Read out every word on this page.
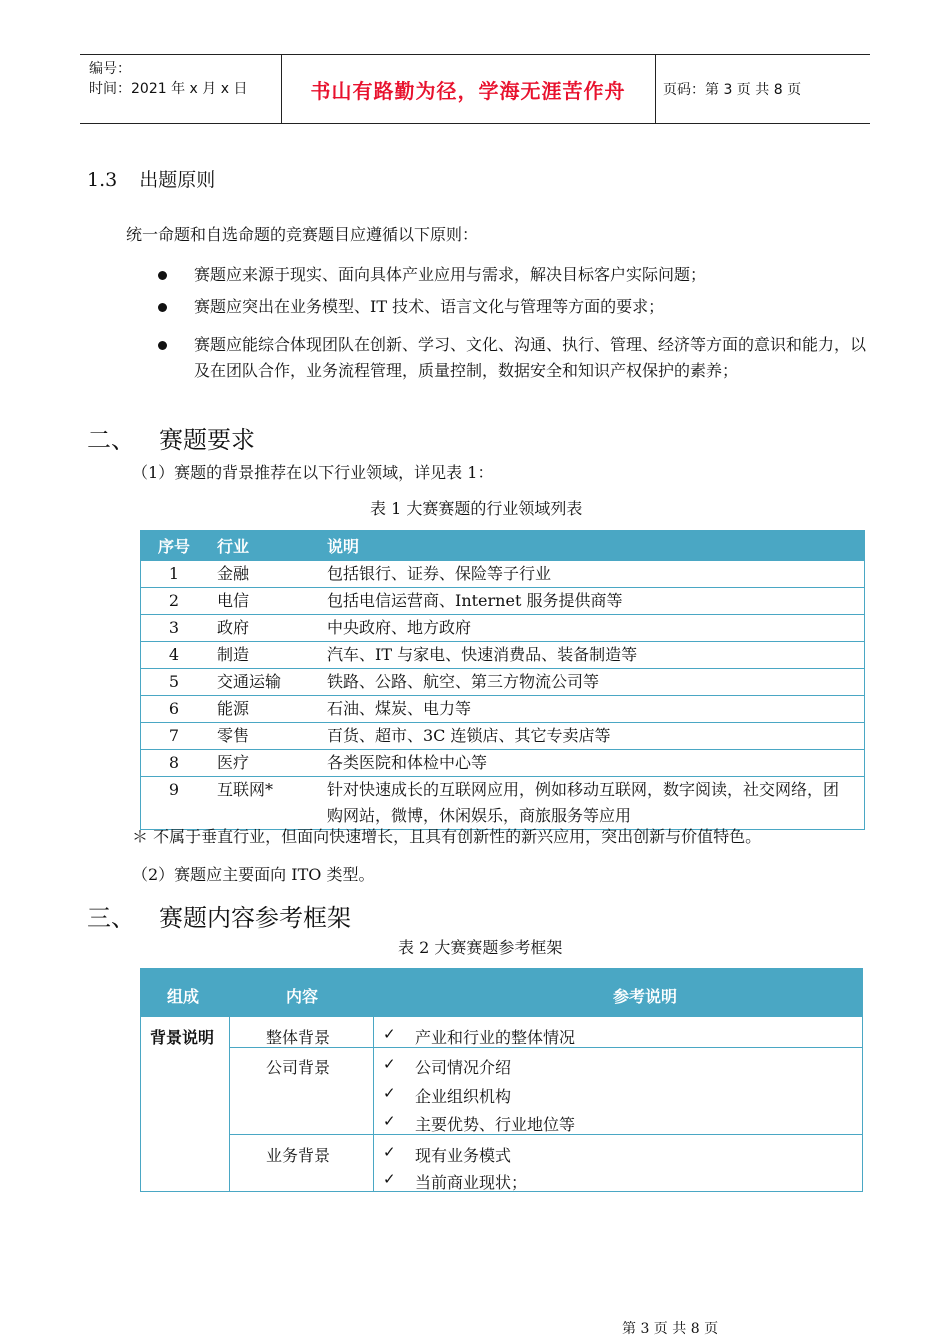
编号：
时间：2021 年 x 月 x 日	书山有路勤为径，学海无涯苦作舟	页码：第 3 页 共 8 页
1.3 出题原则
统一命题和自选命题的竞赛题目应遵循以下原则：
赛题应来源于现实、面向具体产业应用与需求，解决目标客户实际问题；
赛题应突出在业务模型、IT 技术、语言文化与管理等方面的要求；
赛题应能综合体现团队在创新、学习、文化、沟通、执行、管理、经济等方面的意识和能力，以及在团队合作，业务流程管理，质量控制，数据安全和知识产权保护的素养；
二、 赛题要求
（1）赛题的背景推荐在以下行业领域，详见表 1：
表 1 大赛赛题的行业领域列表
序号	行业	说明
1	金融	包括银行、证券、保险等子行业
2	电信	包括电信运营商、Internet 服务提供商等
3	政府	中央政府、地方政府
4	制造	汽车、IT 与家电、快速消费品、装备制造等
5	交通运输	铁路、公路、航空、第三方物流公司等
6	能源	石油、煤炭、电力等
7	零售	百货、超市、3C 连锁店、其它专卖店等
8	医疗	各类医院和体检中心等
9	互联网*	针对快速成长的互联网应用，例如移动互联网，数字阅读，社交网络，团购网站，微博，休闲娱乐，商旅服务等应用
＊ 不属于垂直行业，但面向快速增长，且具有创新性的新兴应用，突出创新与价值特色。
（2）赛题应主要面向 ITO 类型。
三、 赛题内容参考框架
表 2 大赛赛题参考框架
组成	内容	参考说明
背景说明	整体背景	✓ 产业和行业的整体情况
公司背景	✓ 公司情况介绍
✓ 企业组织机构
✓ 主要优势、行业地位等
业务背景	✓ 现有业务模式
✓ 当前商业现状；
第 3 页 共 8 页
